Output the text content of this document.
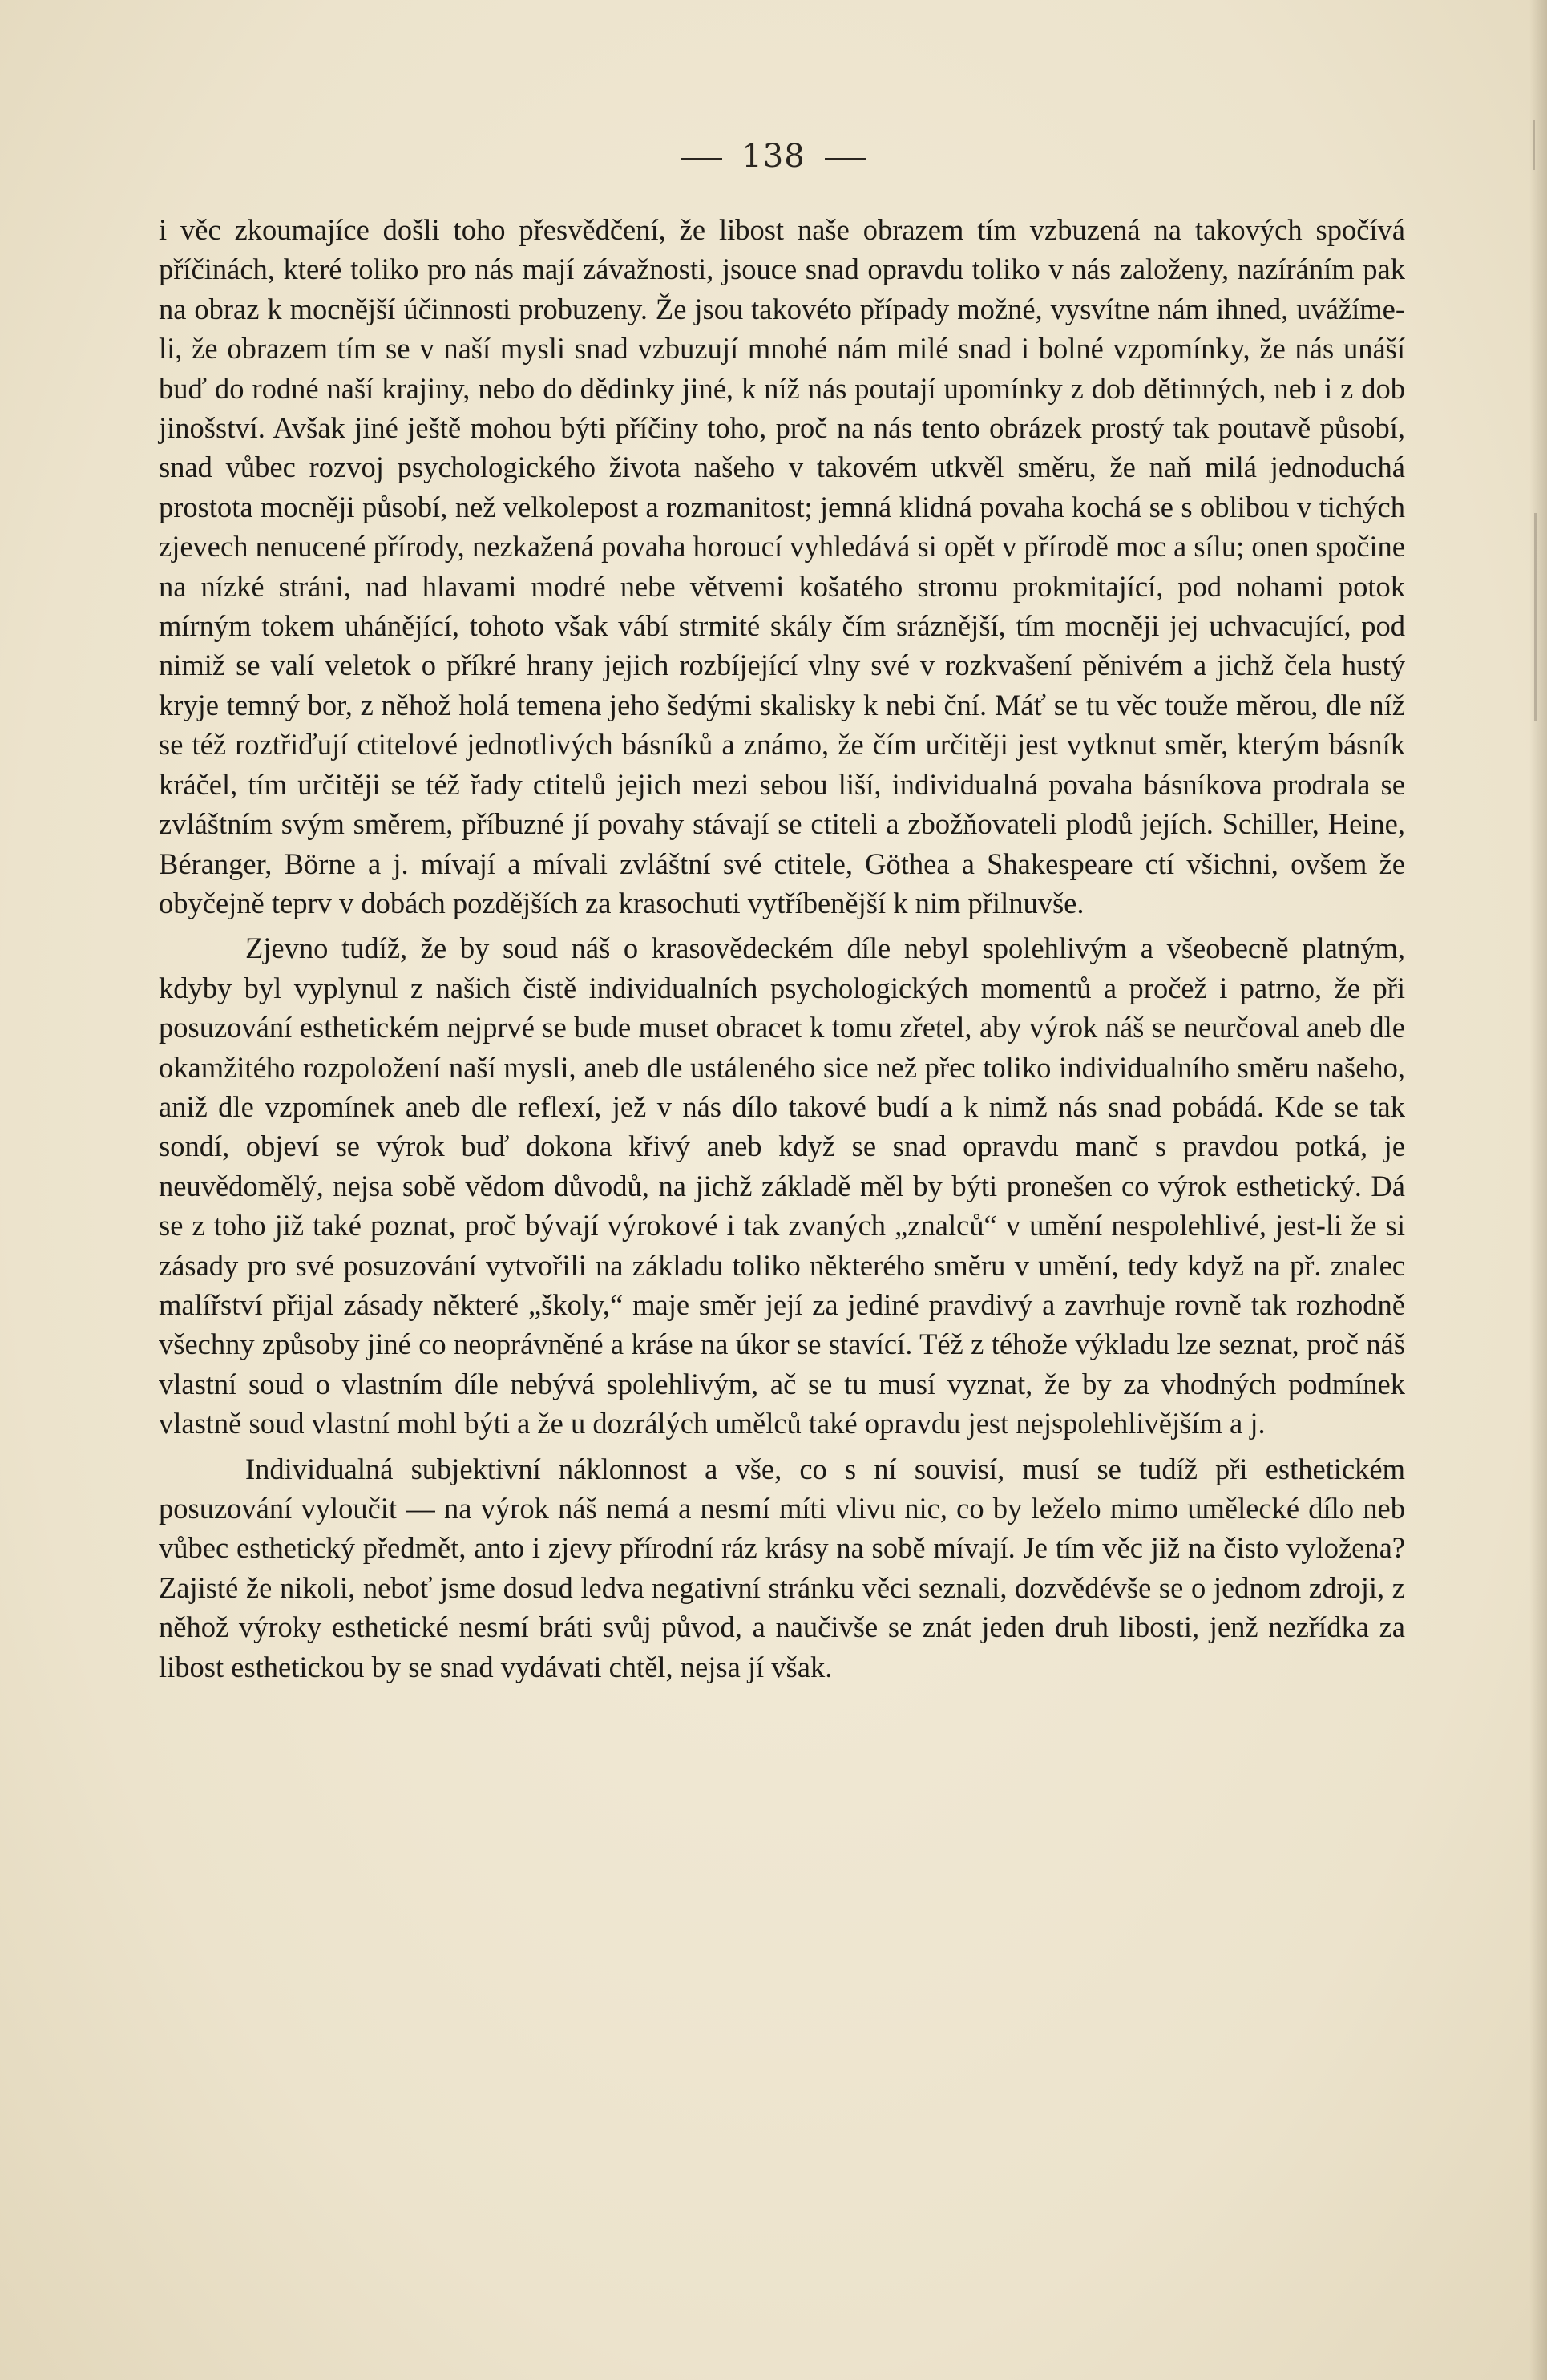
138

i věc zkoumajíce došli toho přesvědčení, že libost naše obrazem tím vzbuzená na takových spočívá příčinách, které toliko pro nás mají závažnosti, jsouce snad opravdu toliko v nás založeny, nazíráním pak na obraz k mocnější účinnosti probuzeny. Že jsou takovéto případy možné, vysvítne nám ihned, uvážíme-li, že obrazem tím se v naší mysli snad vzbuzují mnohé nám milé snad i bolné vzpomínky, že nás unáší buď do rodné naší krajiny, nebo do dědinky jiné, k níž nás poutají upomínky z dob dětinných, neb i z dob jinošství. Avšak jiné ještě mohou býti příčiny toho, proč na nás tento obrázek prostý tak poutavě působí, snad vůbec rozvoj psychologického života našeho v takovém utkvěl směru, že naň milá jednoduchá prostota mocněji působí, než velkolepost a rozmanitost; jemná klidná povaha kochá se s oblibou v tichých zjevech nenucené přírody, nezkažená povaha horoucí vyhledává si opět v přírodě moc a sílu; onen spočine na nízké stráni, nad hlavami modré nebe větvemi košatého stromu prokmitající, pod nohami potok mírným tokem uhánějící, tohoto však vábí strmité skály čím sráznější, tím mocněji jej uchvacující, pod nimiž se valí veletok o příkré hrany jejich rozbíjející vlny své v rozkvašení pěnivém a jichž čela hustý kryje temný bor, z něhož holá temena jeho šedými skalisky k nebi ční. Máť se tu věc touže měrou, dle níž se též roztřiďují ctitelové jednotlivých básníků a známo, že čím určitěji jest vytknut směr, kterým básník kráčel, tím určitěji se též řady ctitelů jejich mezi sebou liší, individualná povaha básníkova prodrala se zvláštním svým směrem, příbuzné jí povahy stávají se ctiteli a zbožňovateli plodů jejích. Schiller, Heine, Béranger, Börne a j. mívají a mívali zvláštní své ctitele, Göthea a Shakespeare ctí všichni, ovšem že obyčejně teprv v dobách pozdějších za krasochuti vytříbenější k nim přilnuvše.

Zjevno tudíž, že by soud náš o krasovědeckém díle nebyl spolehlivým a všeobecně platným, kdyby byl vyplynul z našich čistě individualních psychologických momentů a pročež i patrno, že při posuzování esthetickém nejprvé se bude muset obracet k tomu zřetel, aby výrok náš se neurčoval aneb dle okamžitého rozpoložení naší mysli, aneb dle ustáleného sice než přec toliko individualního směru našeho, aniž dle vzpomínek aneb dle reflexí, jež v nás dílo takové budí a k nimž nás snad pobádá. Kde se tak sondí, objeví se výrok buď dokona křivý aneb když se snad opravdu manč s pravdou potká, je neuvědomělý, nejsa sobě vědom důvodů, na jichž základě měl by býti pronešen co výrok esthetický. Dá se z toho již také poznat, proč bývají výrokové i tak zvaných „znalců“ v umění nespolehlivé, jest-li že si zásady pro své posuzování vytvořili na základu toliko některého směru v umění, tedy když na př. znalec malířství přijal zásady některé „školy,“ maje směr její za jediné pravdivý a zavrhuje rovně tak rozhodně všechny způsoby jiné co neoprávněné a kráse na úkor se stavící. Též z téhože výkladu lze seznat, proč náš vlastní soud o vlastním díle nebývá spolehlivým, ač se tu musí vyznat, že by za vhodných podmínek vlastně soud vlastní mohl býti a že u dozrálých umělců také opravdu jest nejspolehlivějším a j.

Individualná subjektivní náklonnost a vše, co s ní souvisí, musí se tudíž při esthetickém posuzování vyloučit — na výrok náš nemá a nesmí míti vlivu nic, co by leželo mimo umělecké dílo neb vůbec esthetický předmět, anto i zjevy přírodní ráz krásy na sobě mívají. Je tím věc již na čisto vyložena? Zajisté že nikoli, neboť jsme dosud ledva negativní stránku věci seznali, dozvědévše se o jednom zdroji, z něhož výroky esthetické nesmí bráti svůj původ, a naučivše se znát jeden druh libosti, jenž nezřídka za libost esthetickou by se snad vydávati chtěl, nejsa jí však.
